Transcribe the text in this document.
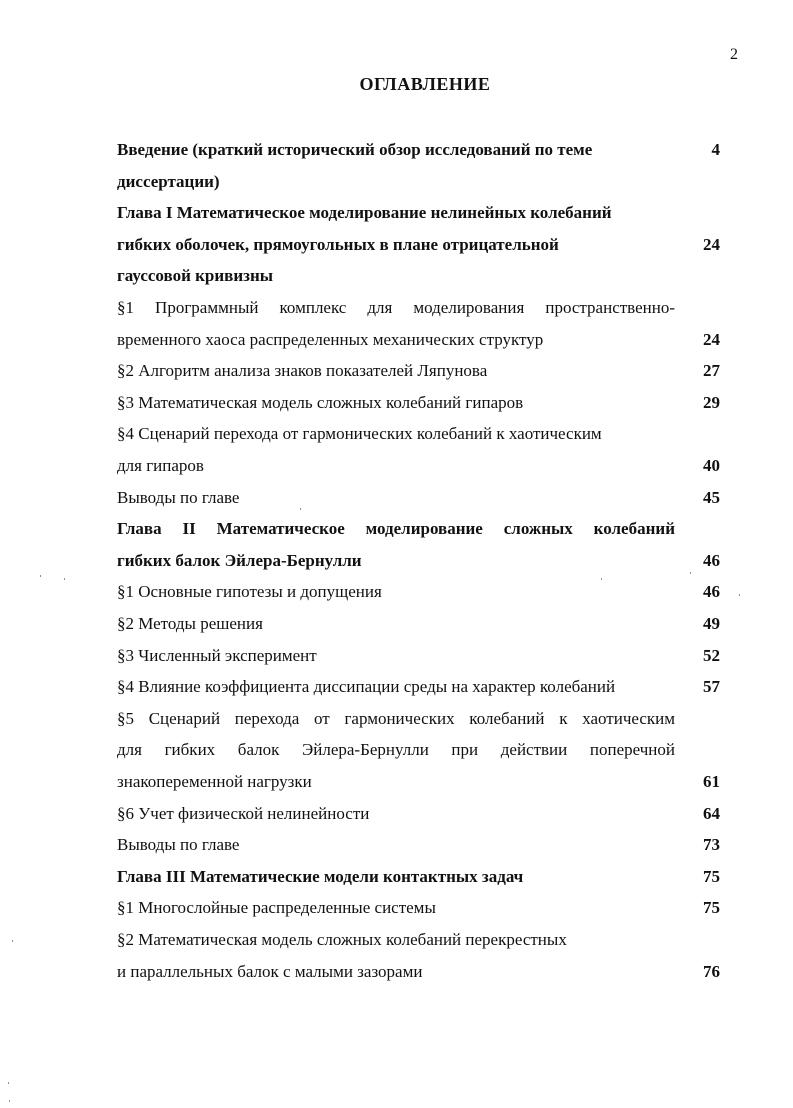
2
ОГЛАВЛЕНИЕ
Введение (краткий исторический обзор исследований по теме	4
диссертации)
Глава I Математическое моделирование нелинейных колебаний
гибких оболочек, прямоугольных в плане отрицательной	24
гауссовой кривизны
§1 Программный комплекс для моделирования пространственно-
временного хаоса распределенных механических структур	24
§2 Алгоритм анализа знаков показателей Ляпунова	27
§3 Математическая модель сложных колебаний гипаров	29
§4 Сценарий перехода от гармонических колебаний к хаотическим
для гипаров	40
Выводы по главе	45
Глава II Математическое моделирование сложных колебаний
гибких балок Эйлера-Бернулли	46
§1 Основные гипотезы и допущения	46
§2 Методы решения	49
§3 Численный эксперимент	52
§4 Влияние коэффициента диссипации среды на характер колебаний	57
§5 Сценарий перехода от гармонических колебаний к хаотическим
для гибких балок Эйлера-Бернулли при действии поперечной
знакопеременной нагрузки	61
§6 Учет физической нелинейности	64
Выводы по главе	73
Глава III Математические модели контактных задач	75
§1 Многослойные распределенные системы	75
§2 Математическая модель сложных колебаний перекрестных
и параллельных балок с малыми зазорами	76
